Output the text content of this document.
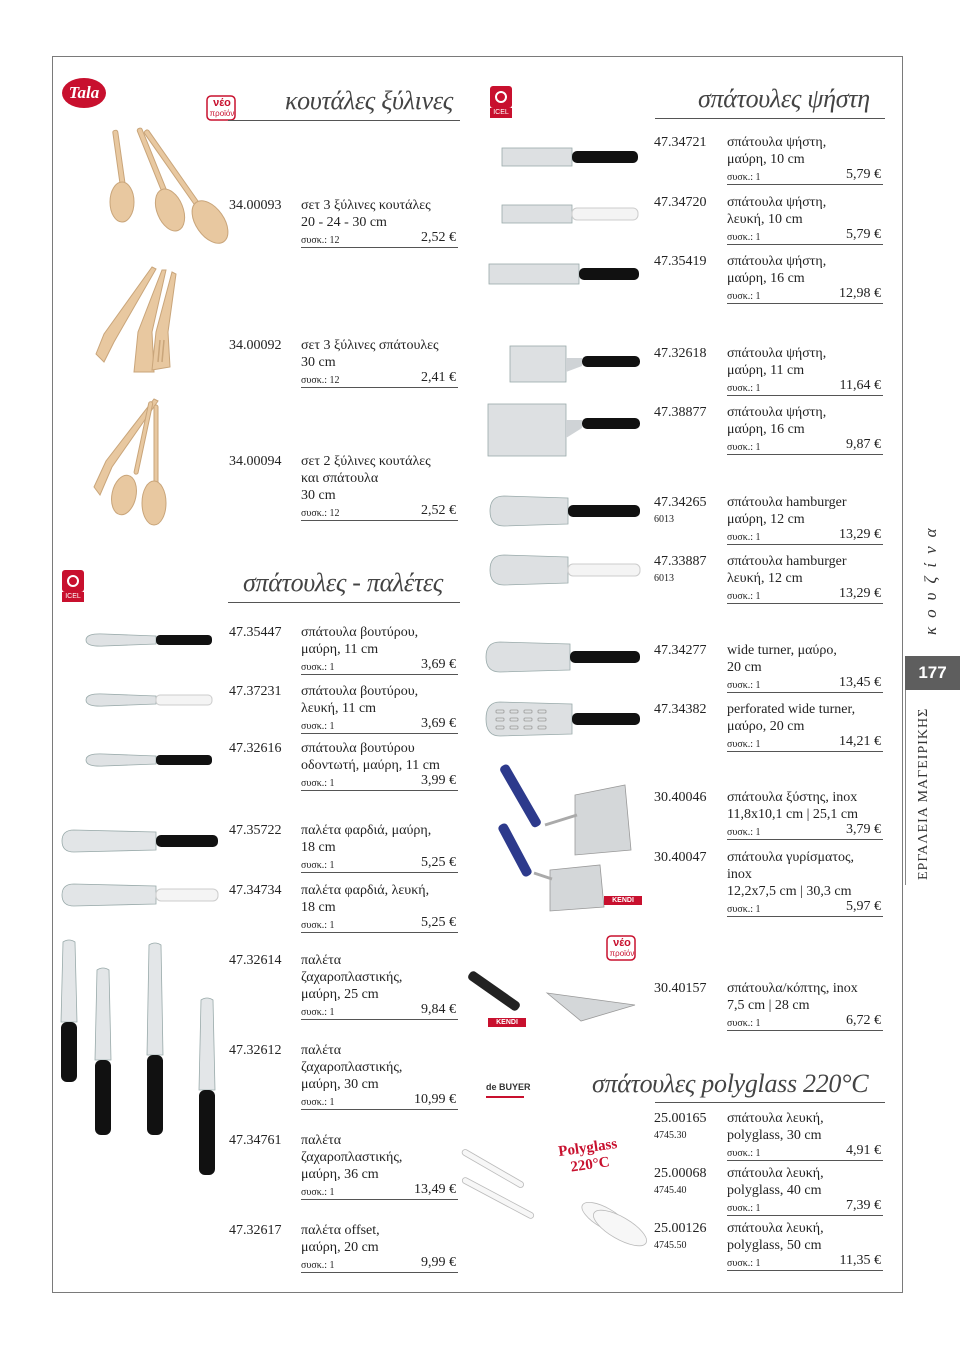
Tala
νέο
προϊόν
ICEL
ICEL
κουτάλες ξύλινες
σπάτουλες - παλέτες
σπάτουλες ψήστη
σπάτουλες polyglass 220°C
κουζίνα
177
ΕΡΓΑΛΕΙΑ ΜΑΓΕΙΡΙΚΗΣ
KENDI
νέο
προϊόν
KENDI
de BUYER
Polyglass
220°C
34.00093 σετ 3 ξύλινες κουτάλες
20 - 24 - 30 cm
συσκ.: 12	2,52 €
34.00092 σετ 3 ξύλινες σπάτουλες
30 cm
συσκ.: 12	2,41 €
34.00094 σετ 2 ξύλινες κουτάλες
και σπάτουλα
30 cm
συσκ.: 12	2,52 €
47.35447 σπάτουλα βουτύρου,
μαύρη, 11 cm
συσκ.: 1	3,69 €
47.37231 σπάτουλα βουτύρου,
λευκή, 11 cm
συσκ.: 1	3,69 €
47.32616 σπάτουλα βουτύρου
οδοντωτή, μαύρη, 11 cm
συσκ.: 1	3,99 €
47.35722 παλέτα φαρδιά, μαύρη,
18 cm
συσκ.: 1	5,25 €
47.34734 παλέτα φαρδιά, λευκή,
18 cm
συσκ.: 1	5,25 €
47.32614 παλέτα
ζαχαροπλαστικής,
μαύρη, 25 cm
συσκ.: 1	9,84 €
47.32612 παλέτα
ζαχαροπλαστικής,
μαύρη, 30 cm
συσκ.: 1	10,99 €
47.34761 παλέτα
ζαχαροπλαστικής,
μαύρη, 36 cm
συσκ.: 1	13,49 €
47.32617 παλέτα offset,
μαύρη, 20 cm
συσκ.: 1	9,99 €
47.34721 σπάτουλα ψήστη,
μαύρη, 10 cm
συσκ.: 1	5,79 €
47.34720 σπάτουλα ψήστη,
λευκή, 10 cm
συσκ.: 1	5,79 €
47.35419 σπάτουλα ψήστη,
μαύρη, 16 cm
συσκ.: 1	12,98 €
47.32618 σπάτουλα ψήστη,
μαύρη, 11 cm
συσκ.: 1	11,64 €
47.38877 σπάτουλα ψήστη,
μαύρη, 16 cm
συσκ.: 1	9,87 €
47.34265
6013
σπάτουλα hamburger
μαύρη, 12 cm
συσκ.: 1	13,29 €
47.33887
6013
σπάτουλα hamburger
λευκή, 12 cm
συσκ.: 1	13,29 €
47.34277 wide turner, μαύρο,
20 cm
συσκ.: 1	13,45 €
47.34382 perforated wide turner,
μαύρο, 20 cm
συσκ.: 1	14,21 €
30.40046 σπάτουλα ξύστης, inox
11,8x10,1 cm | 25,1 cm
συσκ.: 1	3,79 €
30.40047 σπάτουλα γυρίσματος,
inox
12,2x7,5 cm | 30,3 cm
συσκ.: 1	5,97 €
30.40157 σπάτουλα/κόπτης, inox
7,5 cm | 28 cm
συσκ.: 1	6,72 €
25.00165
4745.30
σπάτουλα λευκή,
polyglass, 30 cm
συσκ.: 1	4,91 €
25.00068
4745.40
σπάτουλα λευκή,
polyglass, 40 cm
συσκ.: 1	7,39 €
25.00126
4745.50
σπάτουλα λευκή,
polyglass, 50 cm
συσκ.: 1	11,35 €
